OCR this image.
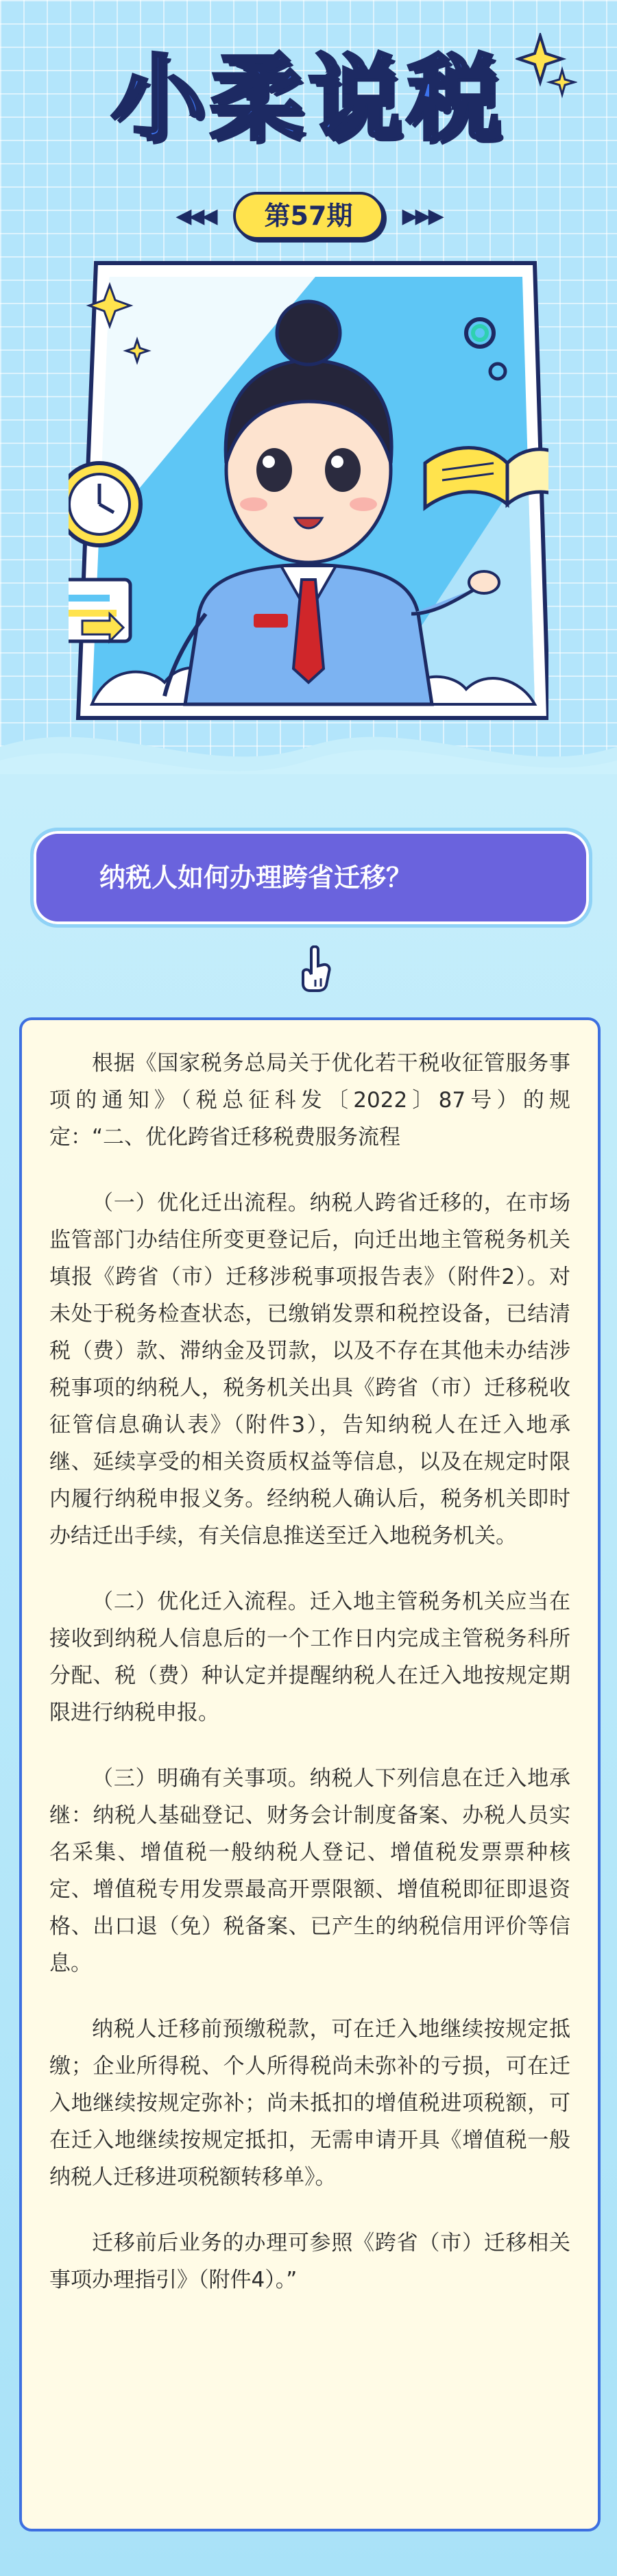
小柔说税
◀◀◀	第57期	▶▶▶
纳税人如何办理跨省迁移？

根据《国家税务总局关于优化若干税收征管服务事项的通知》（税总征科发〔2022〕87号）的规定：“二、优化跨省迁移税费服务流程

（一）优化迁出流程。纳税人跨省迁移的，在市场监管部门办结住所变更登记后，向迁出地主管税务机关填报《跨省（市）迁移涉税事项报告表》（附件2）。对未处于税务检查状态，已缴销发票和税控设备，已结清税（费）款、滞纳金及罚款，以及不存在其他未办结涉税事项的纳税人，税务机关出具《跨省（市）迁移税收征管信息确认表》（附件3），告知纳税人在迁入地承继、延续享受的相关资质权益等信息，以及在规定时限内履行纳税申报义务。经纳税人确认后，税务机关即时办结迁出手续，有关信息推送至迁入地税务机关。

（二）优化迁入流程。迁入地主管税务机关应当在接收到纳税人信息后的一个工作日内完成主管税务科所分配、税（费）种认定并提醒纳税人在迁入地按规定期限进行纳税申报。

（三）明确有关事项。纳税人下列信息在迁入地承继：纳税人基础登记、财务会计制度备案、办税人员实名采集、增值税一般纳税人登记、增值税发票票种核定、增值税专用发票最高开票限额、增值税即征即退资格、出口退（免）税备案、已产生的纳税信用评价等信息。

纳税人迁移前预缴税款，可在迁入地继续按规定抵缴；企业所得税、个人所得税尚未弥补的亏损，可在迁入地继续按规定弥补；尚未抵扣的增值税进项税额，可在迁入地继续按规定抵扣，无需申请开具《增值税一般纳税人迁移进项税额转移单》。

迁移前后业务的办理可参照《跨省（市）迁移相关事项办理指引》（附件4）。”
